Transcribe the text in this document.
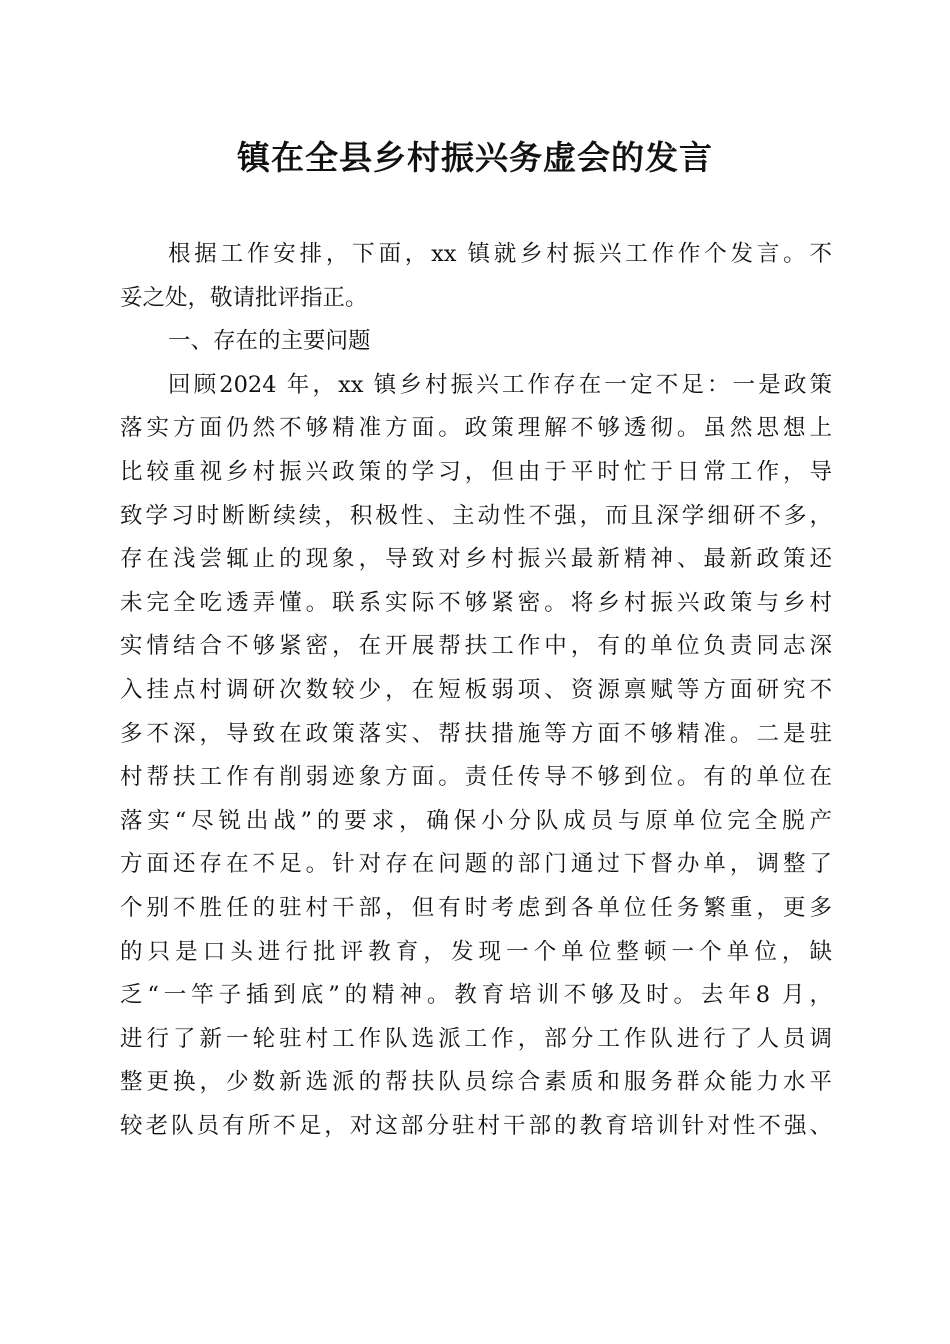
镇在全县乡村振兴务虚会的发言
根据工作安排，下面，xx 镇就乡村振兴工作作个发言。不
妥之处，敬请批评指正。
一、存在的主要问题
回顾2024 年，xx 镇乡村振兴工作存在一定不足：一是政策
落实方面仍然不够精准方面。政策理解不够透彻。虽然思想上
比较重视乡村振兴政策的学习，但由于平时忙于日常工作，导
致学习时断断续续，积极性、主动性不强，而且深学细研不多，
存在浅尝辄止的现象，导致对乡村振兴最新精神、最新政策还
未完全吃透弄懂。联系实际不够紧密。将乡村振兴政策与乡村
实情结合不够紧密，在开展帮扶工作中，有的单位负责同志深
入挂点村调研次数较少，在短板弱项、资源禀赋等方面研究不
多不深，导致在政策落实、帮扶措施等方面不够精准。二是驻
村帮扶工作有削弱迹象方面。责任传导不够到位。有的单位在
落实“尽锐出战”的要求，确保小分队成员与原单位完全脱产
方面还存在不足。针对存在问题的部门通过下督办单，调整了
个别不胜任的驻村干部，但有时考虑到各单位任务繁重，更多
的只是口头进行批评教育，发现一个单位整顿一个单位，缺
乏“一竿子插到底”的精神。教育培训不够及时。去年8 月，
进行了新一轮驻村工作队选派工作，部分工作队进行了人员调
整更换，少数新选派的帮扶队员综合素质和服务群众能力水平
较老队员有所不足，对这部分驻村干部的教育培训针对性不强、
